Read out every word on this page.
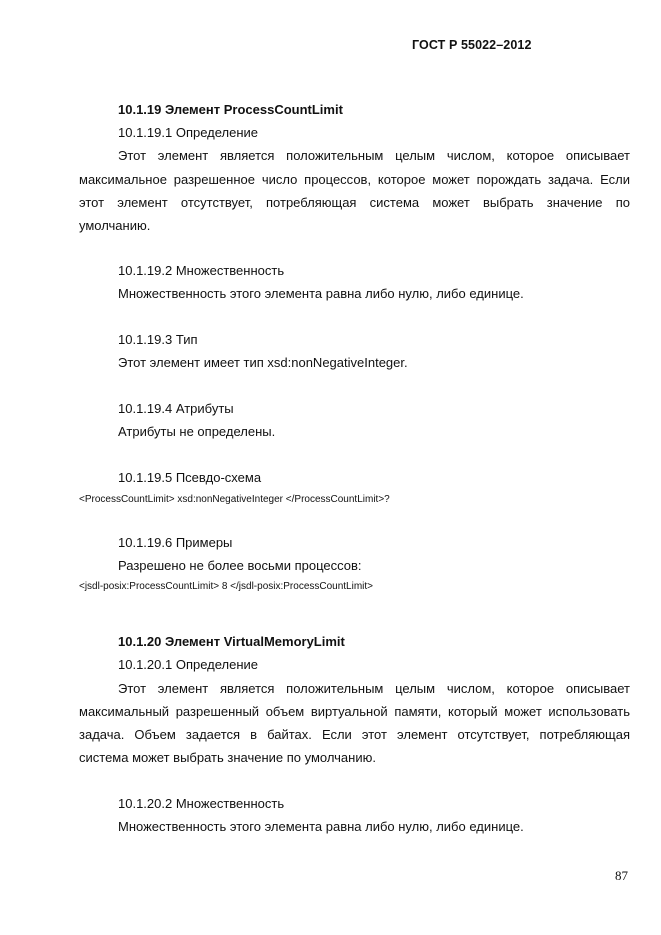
ГОСТ Р 55022–2012
10.1.19 Элемент ProcessCountLimit
10.1.19.1 Определение
Этот элемент является положительным целым числом, которое описывает
максимальное разрешенное число процессов, которое может порождать задача. Если
этот элемент отсутствует, потребляющая система может выбрать значение по
умолчанию.
10.1.19.2 Множественность
Множественность этого элемента равна либо нулю, либо единице.
10.1.19.3 Тип
Этот элемент имеет тип xsd:nonNegativeInteger.
10.1.19.4 Атрибуты
Атрибуты не определены.
10.1.19.5 Псевдо-схема
<ProcessCountLimit> xsd:nonNegativeInteger </ProcessCountLimit>?
10.1.19.6 Примеры
Разрешено не более восьми процессов:
<jsdl-posix:ProcessCountLimit> 8 </jsdl-posix:ProcessCountLimit>
10.1.20 Элемент VirtualMemoryLimit
10.1.20.1 Определение
Этот элемент является положительным целым числом, которое описывает
максимальный разрешенный объем виртуальной памяти, который может использовать
задача. Объем задается в байтах. Если этот элемент отсутствует, потребляющая
система может выбрать значение по умолчанию.
10.1.20.2 Множественность
Множественность этого элемента равна либо нулю, либо единице.
87
